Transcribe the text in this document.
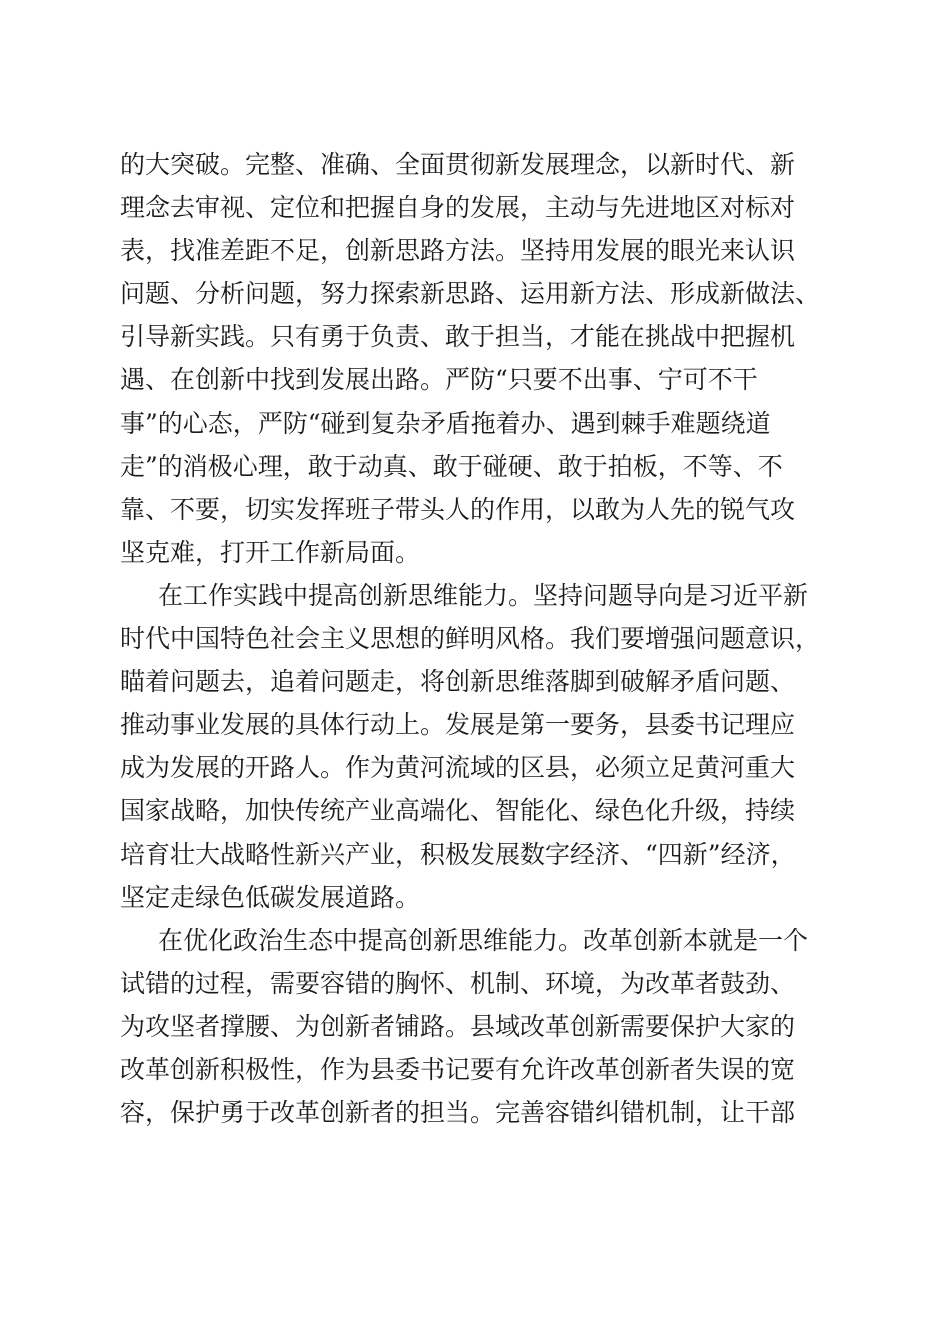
的大突破。完整、准确、全面贯彻新发展理念，以新时代、新
理念去审视、定位和把握自身的发展，主动与先进地区对标对
表，找准差距不足，创新思路方法。坚持用发展的眼光来认识
问题、分析问题，努力探索新思路、运用新方法、形成新做法、
引导新实践。只有勇于负责、敢于担当，才能在挑战中把握机
遇、在创新中找到发展出路。严防“只要不出事、宁可不干
事”的心态，严防“碰到复杂矛盾拖着办、遇到棘手难题绕道
走”的消极心理，敢于动真、敢于碰硬、敢于拍板，不等、不
靠、不要，切实发挥班子带头人的作用，以敢为人先的锐气攻
坚克难，打开工作新局面。
在工作实践中提高创新思维能力。坚持问题导向是习近平新
时代中国特色社会主义思想的鲜明风格。我们要增强问题意识，
瞄着问题去，追着问题走，将创新思维落脚到破解矛盾问题、
推动事业发展的具体行动上。发展是第一要务，县委书记理应
成为发展的开路人。作为黄河流域的区县，必须立足黄河重大
国家战略，加快传统产业高端化、智能化、绿色化升级，持续
培育壮大战略性新兴产业，积极发展数字经济、“四新”经济，
坚定走绿色低碳发展道路。
在优化政治生态中提高创新思维能力。改革创新本就是一个
试错的过程，需要容错的胸怀、机制、环境，为改革者鼓劲、
为攻坚者撑腰、为创新者铺路。县域改革创新需要保护大家的
改革创新积极性，作为县委书记要有允许改革创新者失误的宽
容，保护勇于改革创新者的担当。完善容错纠错机制，让干部
